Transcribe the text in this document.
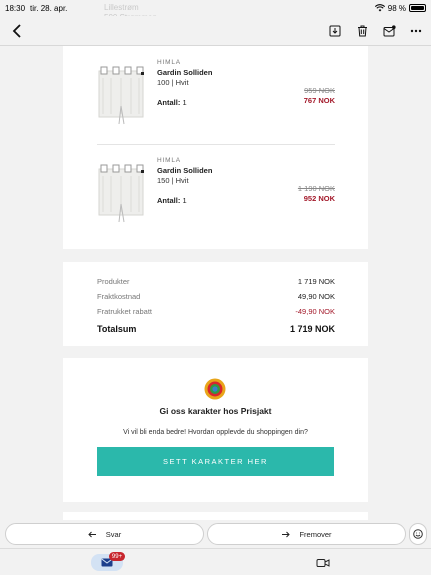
18:30 tir. 28. apr.	98 %
Lillestrøm
HIMLA
Gardin Solliden
100 | Hvit
Antall: 1
959 NOK
767 NOK
HIMLA
Gardin Solliden
150 | Hvit
Antall: 1
1 190 NOK
952 NOK
Produkter	1 719 NOK
Fraktkostnad	49,90 NOK
Fratrukket rabatt	-49,90 NOK
Totalsum	1 719 NOK
Gi oss karakter hos Prisjakt
Vi vil bli enda bedre! Hvordan opplevde du shoppingen din?
SETT KARAKTER HER
Svar	Fremover
99+
